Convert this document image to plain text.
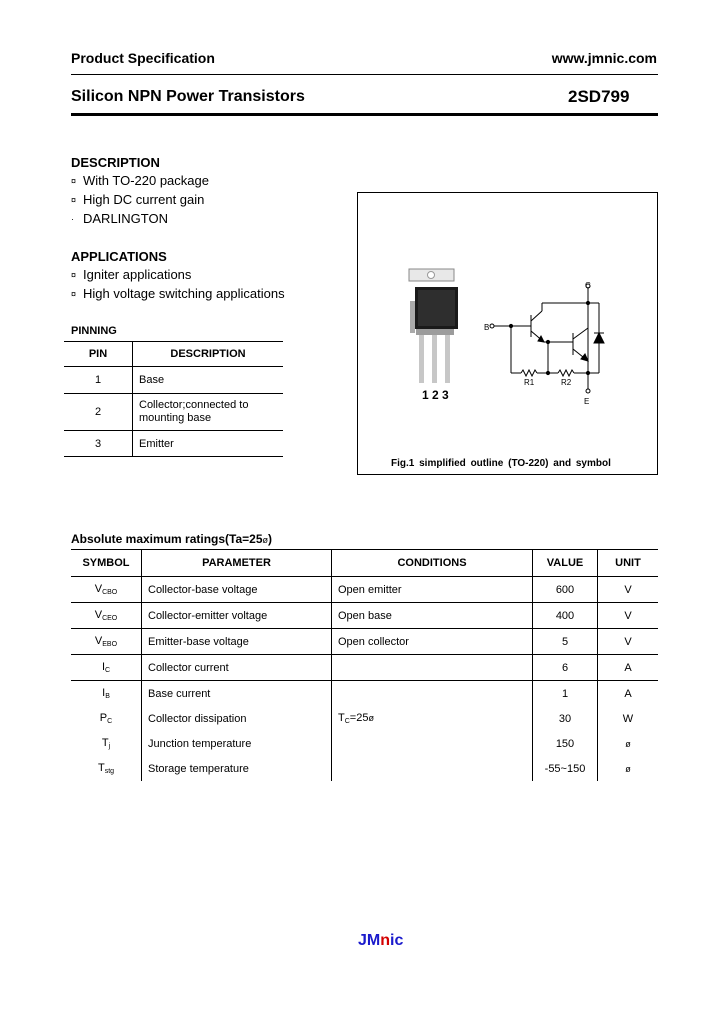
Product Specification	www.jmnic.com
Silicon NPN Power Transistors	2SD799
DESCRIPTION
¤ With TO-220 package
¤ High DC current gain
· DARLINGTON
APPLICATIONS
¤ Igniter applications
¤ High voltage switching applications
PINNING
PIN	DESCRIPTION
1	Base
2	Collector;connected to mounting base
3	Emitter
1 2 3
C
B
E
R1	R2
Fig.1 simplified outline (TO-220) and symbol
Absolute maximum ratings(Ta=25ø)
SYMBOL	PARAMETER	CONDITIONS	VALUE	UNIT
$V_{CBO}$	Collector-base voltage	Open emitter	600	V
$V_{CEO}$	Collector-emitter voltage	Open base	400	V
$V_{EBO}$	Emitter-base voltage	Open collector	5	V
$I_C$	Collector current		6	A
$I_B$	Base current		1	A
$P_C$	Collector dissipation	$T_C=25ø$	30	W
$T_j$	Junction temperature		150	ø
$T_{stg}$	Storage temperature		-55~150	ø
JMnic
